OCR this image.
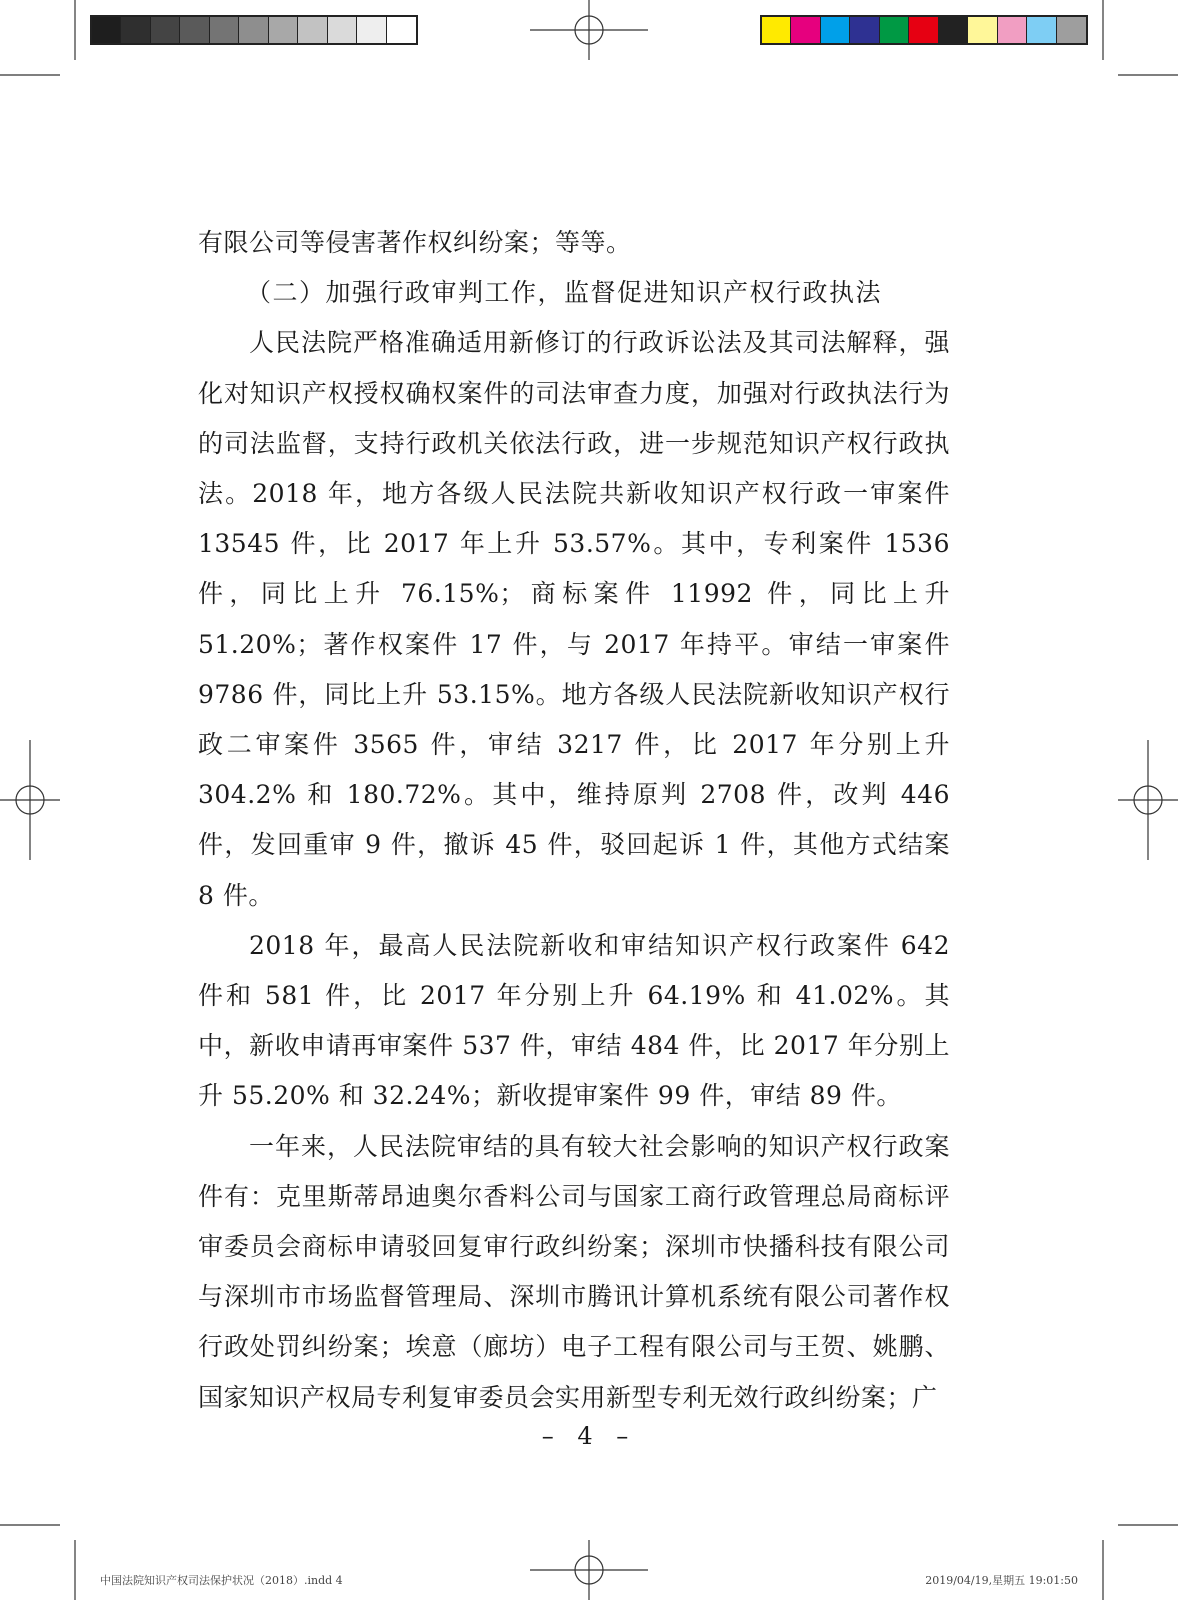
有限公司等侵害著作权纠纷案；等等。

（二）加强行政审判工作，监督促进知识产权行政执法

人民法院严格准确适用新修订的行政诉讼法及其司法解释，强化对知识产权授权确权案件的司法审查力度，加强对行政执法行为的司法监督，支持行政机关依法行政，进一步规范知识产权行政执法。2018 年，地方各级人民法院共新收知识产权行政一审案件 13545 件，比 2017 年上升 53.57%。其中，专利案件 1536 件，同比上升 76.15%；商标案件 11992 件，同比上升 51.20%；著作权案件 17 件，与 2017 年持平。审结一审案件 9786 件，同比上升 53.15%。地方各级人民法院新收知识产权行政二审案件 3565 件，审结 3217 件，比 2017 年分别上升 304.2% 和 180.72%。其中，维持原判 2708 件，改判 446 件，发回重审 9 件，撤诉 45 件，驳回起诉 1 件，其他方式结案 8 件。

2018 年，最高人民法院新收和审结知识产权行政案件 642 件和 581 件，比 2017 年分别上升 64.19% 和 41.02%。其中，新收申请再审案件 537 件，审结 484 件，比 2017 年分别上升 55.20% 和 32.24%；新收提审案件 99 件，审结 89 件。

一年来，人民法院审结的具有较大社会影响的知识产权行政案件有：克里斯蒂昂迪奥尔香料公司与国家工商行政管理总局商标评审委员会商标申请驳回复审行政纠纷案；深圳市快播科技有限公司与深圳市市场监督管理局、深圳市腾讯计算机系统有限公司著作权行政处罚纠纷案；埃意（廊坊）电子工程有限公司与王贺、姚鹏、国家知识产权局专利复审委员会实用新型专利无效行政纠纷案；广

– 4 –
中国法院知识产权司法保护状况（2018）.indd 4	2019/04/19,星期五 19:01:50
